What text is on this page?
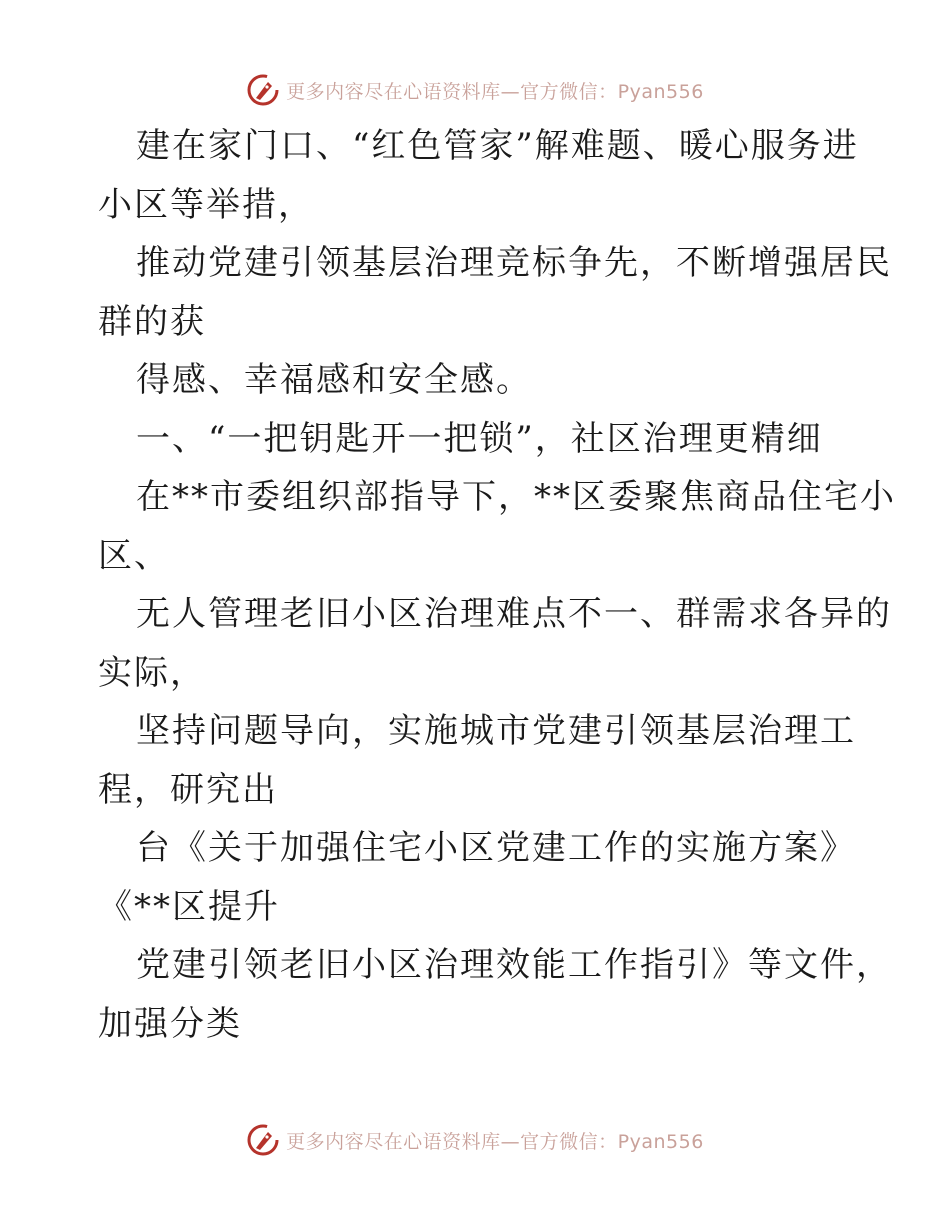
更多内容尽在心语资料库—官方微信：Pyan556
建在家门口、“红色管家”解难题、暖心服务进
小区等举措，
推动党建引领基层治理竞标争先，不断增强居民
群的获
得感、幸福感和安全感。
一、“一把钥匙开一把锁”，社区治理更精细
在**市委组织部指导下，**区委聚焦商品住宅小
区、
无人管理老旧小区治理难点不一、群需求各异的
实际，
坚持问题导向，实施城市党建引领基层治理工
程，研究出
台《关于加强住宅小区党建工作的实施方案》
《**区提升
党建引领老旧小区治理效能工作指引》等文件，
加强分类
更多内容尽在心语资料库—官方微信：Pyan556
